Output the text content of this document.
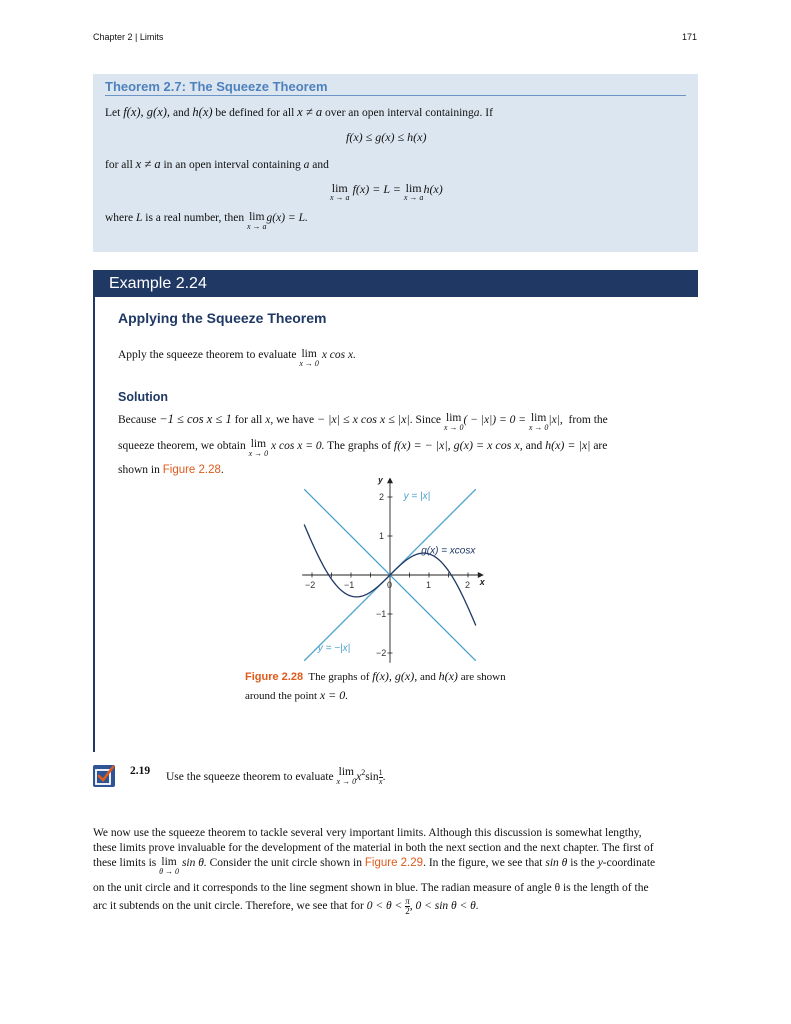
Chapter 2 | Limits	171
Theorem 2.7: The Squeeze Theorem
Let f(x), g(x), and h(x) be defined for all x ≠ a over an open interval containinga. If
f(x) ≤ g(x) ≤ h(x)
for all x ≠ a in an open interval containing a and
lim
x → a
f(x) = L = lim
x → a
h(x)
where L is a real number, then lim
x → a
g(x) = L.
Example 2.24
Applying the Squeeze Theorem
Apply the squeeze theorem to evaluate lim
x → 0
x cos x.
Solution
Because −1 ≤ cos x ≤ 1 for all x, we have − |x| ≤ x cos x ≤ |x|. Since lim
x → 0
( − |x|) = 0 = lim
x → 0
|x|, from the
squeeze theorem, we obtain lim
x → 0
x cos x = 0. The graphs of f(x) = − |x|, g(x) = x cos x, and h(x) = |x| are
shown in Figure 2.28.
x
y
−2	−1	0	1	2
−2
−1
1
2 y = |x|
g(x) = xcosx
y = −|x|
Figure 2.28 The graphs of f(x), g(x), and h(x) are shown
around the point x = 0.
2.19 Use the squeeze theorem to evaluate lim
x → 0 $x^2\sin \frac{1}{x}$ .
We now use the squeeze theorem to tackle several very important limits. Although this discussion is somewhat lengthy,
these limits prove invaluable for the development of the material in both the next section and the next chapter. The first of
these limits is lim
θ → 0
sin θ. Consider the unit circle shown in Figure 2.29. In the figure, we see that sin θ is the y-coordinate
on the unit circle and it corresponds to the line segment shown in blue. The radian measure of angle θ is the length of the
arc it subtends on the unit circle. Therefore, we see that for $0 < \theta < \frac{\pi}{2}$ , 0 < sin θ < θ.
